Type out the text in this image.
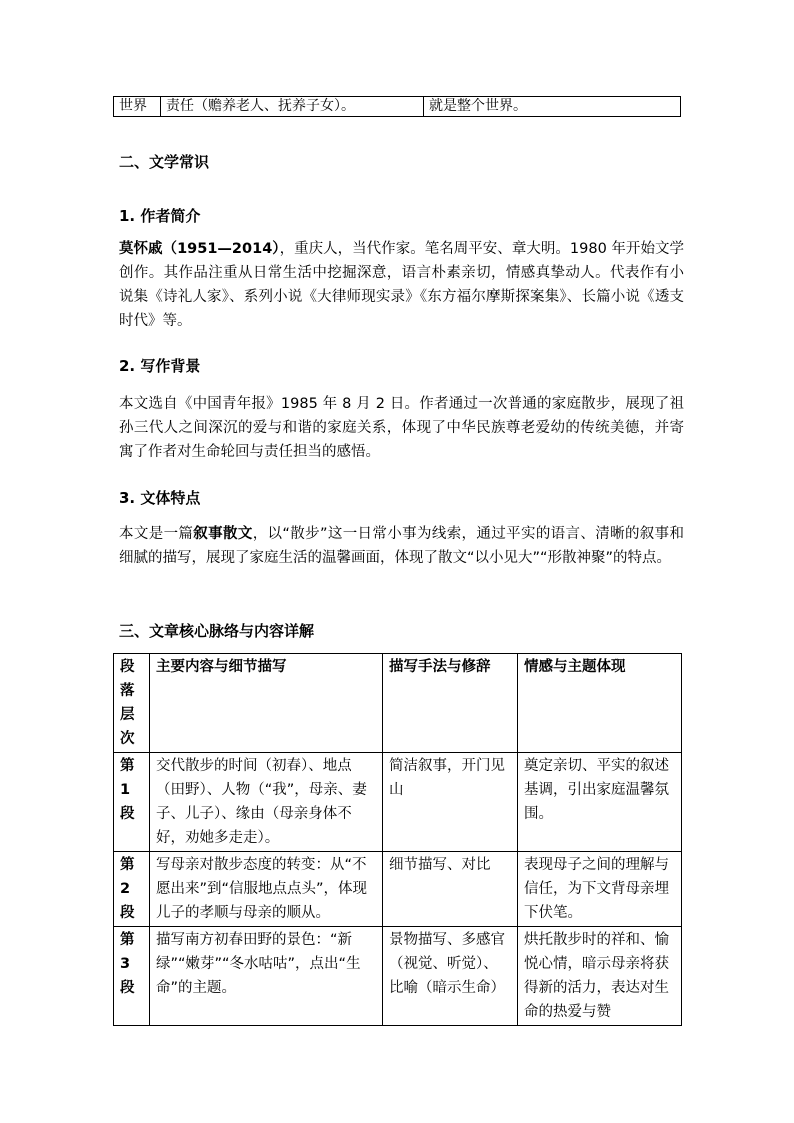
世界	责任（赡养老人、抚养子女）。	就是整个世界。
二、文学常识
1. 作者简介

莫怀戚（1951—2014），重庆人，当代作家。笔名周平安、章大明。1980 年开始文学创作。其作品注重从日常生活中挖掘深意，语言朴素亲切，情感真挚动人。代表作有小说集《诗礼人家》、系列小说《大律师现实录》《东方福尔摩斯探案集》、长篇小说《透支时代》等。

2. 写作背景

本文选自《中国青年报》1985 年 8 月 2 日。作者通过一次普通的家庭散步，展现了祖孙三代人之间深沉的爱与和谐的家庭关系，体现了中华民族尊老爱幼的传统美德，并寄寓了作者对生命轮回与责任担当的感悟。

3. 文体特点

本文是一篇叙事散文，以“散步”这一日常小事为线索，通过平实的语言、清晰的叙事和细腻的描写，展现了家庭生活的温馨画面，体现了散文“以小见大”“形散神聚”的特点。

三、文章核心脉络与内容详解
段落层次	主要内容与细节描写	描写手法与修辞	情感与主题体现
第 1 段	交代散步的时间（初春）、地点（田野）、人物（“我”，母亲、妻子、儿子）、缘由（母亲身体不好，劝她多走走）。	简洁叙事，开门见山	奠定亲切、平实的叙述基调，引出家庭温馨氛围。
第 2 段	写母亲对散步态度的转变：从“不愿出来”到“信服地点点头”，体现儿子的孝顺与母亲的顺从。	细节描写、对比	表现母子之间的理解与信任，为下文背母亲埋下伏笔。
第 3 段	描写南方初春田野的景色：“新绿”“嫩芽”“冬水咕咕”，点出“生命”的主题。	景物描写、多感官（视觉、听觉）、比喻（暗示生命）	烘托散步时的祥和、愉悦心情，暗示母亲将获得新的活力，表达对生命的热爱与赞
